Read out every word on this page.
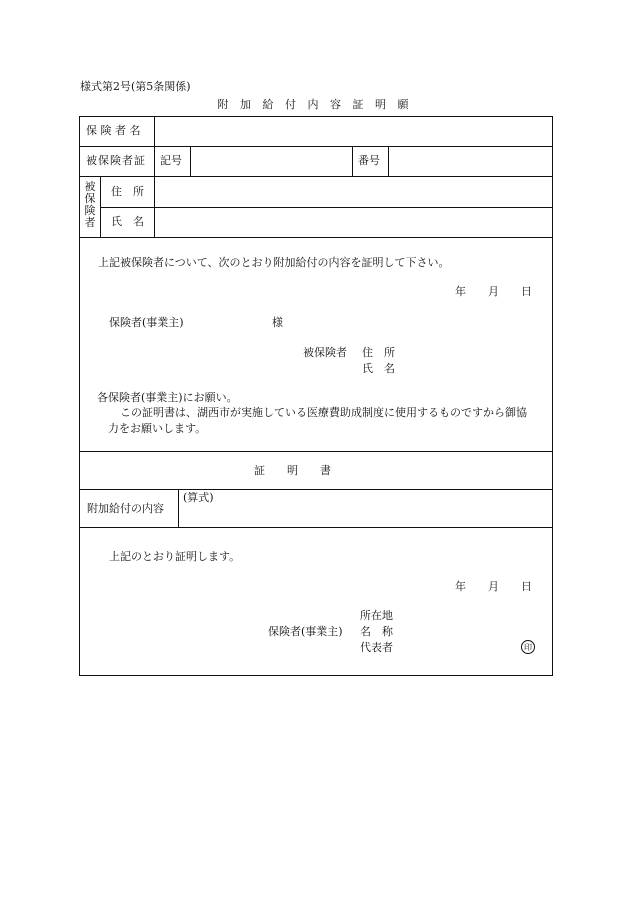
様式第2号(第5条関係)
附 加 給 付 内 容 証 明 願
保 険 者 名
被保険者証 記号	番号
被
保
険
者
住　所
氏　名
上記被保険者について、次のとおり附加給付の内容を証明して下さい。
年　　月　　日
保険者(事業主)	様
被保険者 住　所
氏　名
各保険者(事業主)にお願い。
この証明書は、湖西市が実施している医療費助成制度に使用するものですから御協
力をお願いします。
証　　明　　書
附加給付の内容
(算式)
上記のとおり証明します。
年　　月　　日
所在地
保険者(事業主) 名　称
代表者	印
